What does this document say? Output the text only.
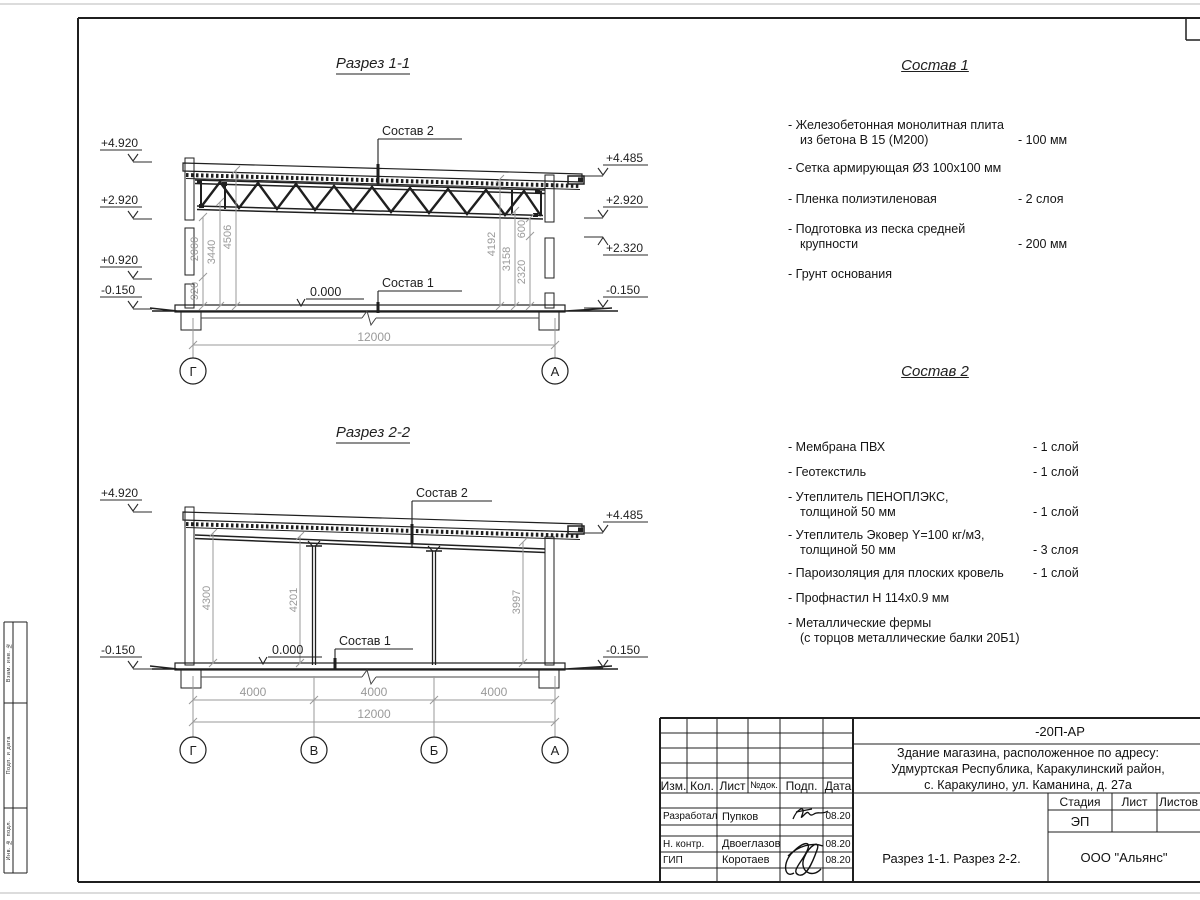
Разрез 1-1
+4.920
+2.920
+0.920
-0.150
+4.485
+2.920
+2.320
-0.150
920
2000 3440
4506	4192
3158
2320
600
Состав 2
Состав 1
0.000
12000
Г	А
Разрез 2-2
+4.920
-0.150
+4.485
-0.150
4300	4201	3997
Состав 2
Состав 1
0.000
4000	4000	4000
12000
Г	В	Б	А
Взам. инв. №
Подп. и дата
Инв. № подл.
Состав 1
- Железобетонная монолитная плита
из бетона В 15 (М200)	- 100 мм
- Сетка армирующая Ø3 100х100 мм
- Пленка полиэтиленовая	- 2 слоя
- Подготовка из песка средней
крупности	- 200 мм
- Грунт основания
Состав 2
- Мембрана ПВХ	- 1 слой
- Геотекстиль	- 1 слой
- Утеплитель ПЕНОПЛЭКС,
толщиной 50 мм	- 1 слой
- Утеплитель Эковер Y=100 кг/м3,
толщиной 50 мм	- 3 слоя
- Пароизоляция для плоских кровель	- 1 слой
- Профнастил Н 114х0.9 мм
- Металлические фермы
(с торцов металлические балки 20Б1)
Изм. Кол. Лист №док. Подп. Дата
Разработал Пупков	08.20
Н. контр.	Двоеглазов	08.20
ГИП	Коротаев	08.20
-20П-АР
Здание магазина, расположенное по адресу:
Удмуртская Республика, Каракулинский район,
с. Каракулино, ул. Каманина, д. 27а
Разрез 1-1. Разрез 2-2.
Стадия	Лист Листов
ЭП
ООО "Альянс"
